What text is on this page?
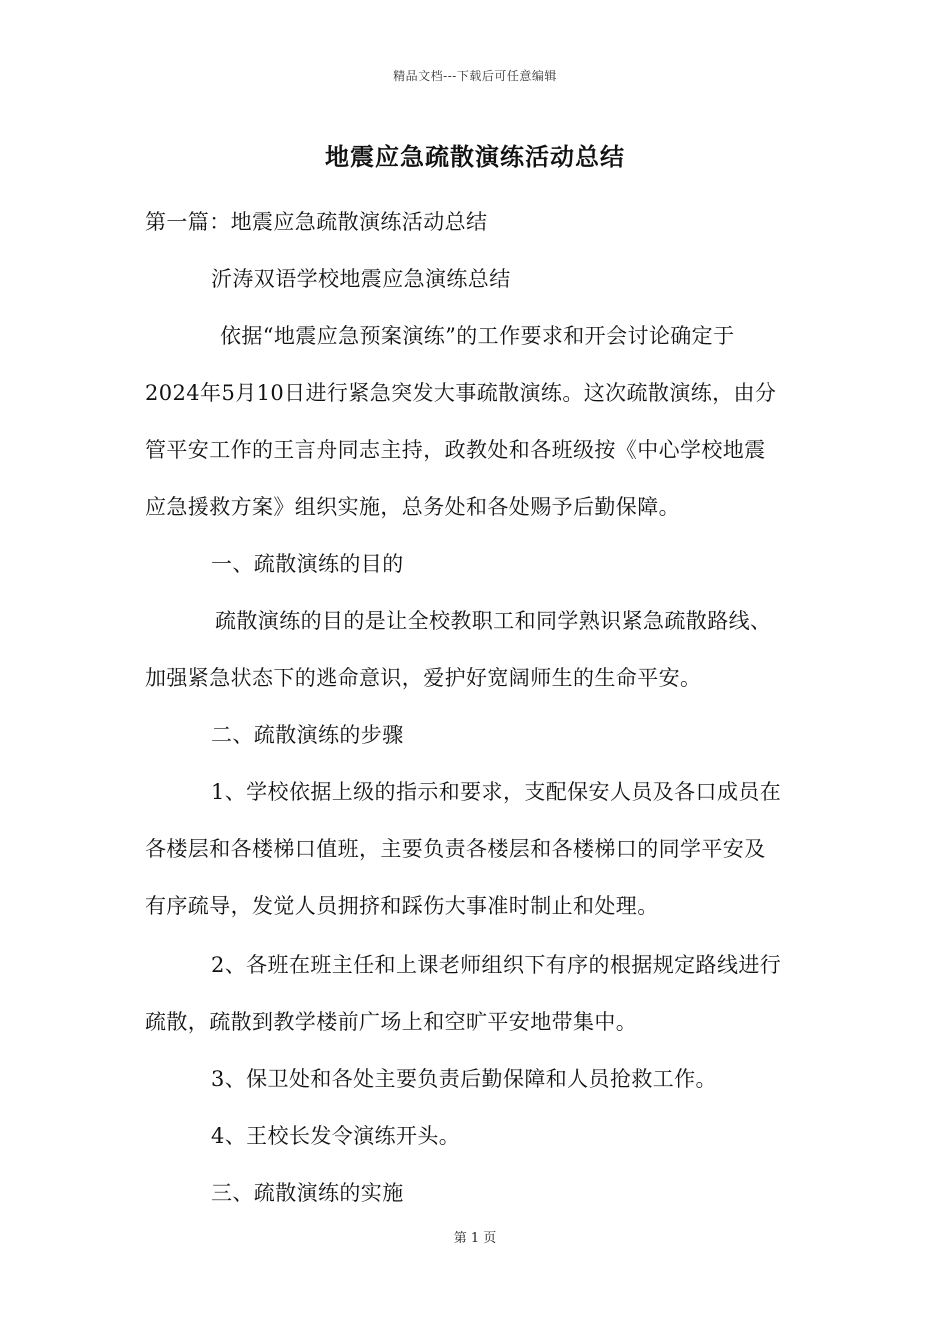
精品文档---下载后可任意编辑
地震应急疏散演练活动总结
第一篇：地震应急疏散演练活动总结
沂涛双语学校地震应急演练总结
依据“地震应急预案演练”的工作要求和开会讨论确定于
2024年5月10日进行紧急突发大事疏散演练。这次疏散演练，由分
管平安工作的王言舟同志主持，政教处和各班级按《中心学校地震
应急援救方案》组织实施，总务处和各处赐予后勤保障。
一、疏散演练的目的
疏散演练的目的是让全校教职工和同学熟识紧急疏散路线、
加强紧急状态下的逃命意识，爱护好宽阔师生的生命平安。
二、疏散演练的步骤
1、学校依据上级的指示和要求，支配保安人员及各口成员在
各楼层和各楼梯口值班，主要负责各楼层和各楼梯口的同学平安及
有序疏导，发觉人员拥挤和踩伤大事准时制止和处理。
2、各班在班主任和上课老师组织下有序的根据规定路线进行
疏散，疏散到教学楼前广场上和空旷平安地带集中。
3、保卫处和各处主要负责后勤保障和人员抢救工作。
4、王校长发令演练开头。
三、疏散演练的实施
第 1 页
